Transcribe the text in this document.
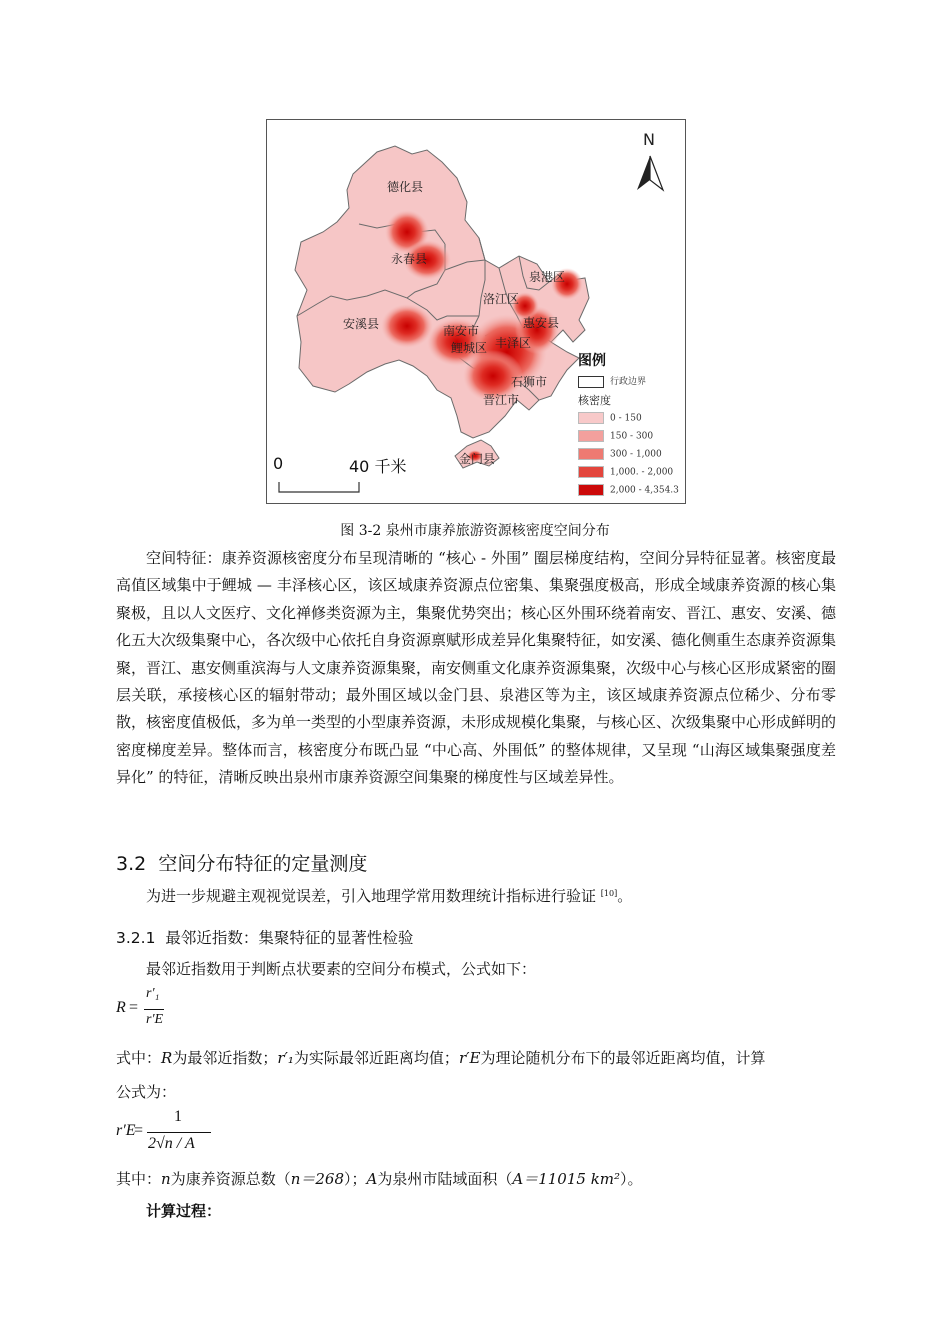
N
德化县
永春县
安溪县	南安市
鲤城区 丰泽区
洛江区
泉港区
惠安县
石狮市
晋江市
金门县
0	40 千米
图例
行政边界
核密度
0 - 150
150 - 300
300 - 1,000
1,000. - 2,000
2,000 - 4,354.3
图 3-2 泉州市康养旅游资源核密度空间分布
空间特征：康养资源核密度分布呈现清晰的 “核心 - 外围” 圈层梯度结构，空间分异特征显著。核密度最高值区域集中于鲤城 — 丰泽核心区，该区域康养资源点位密集、集聚强度极高，形成全域康养资源的核心集聚极，且以人文医疗、文化禅修类资源为主，集聚优势突出；核心区外围环绕着南安、晋江、惠安、安溪、德化五大次级集聚中心，各次级中心依托自身资源禀赋形成差异化集聚特征，如安溪、德化侧重生态康养资源集聚，晋江、惠安侧重滨海与人文康养资源集聚，南安侧重文化康养资源集聚，次级中心与核心区形成紧密的圈层关联，承接核心区的辐射带动；最外围区域以金门县、泉港区等为主，该区域康养资源点位稀少、分布零散，核密度值极低，多为单一类型的小型康养资源，未形成规模化集聚，与核心区、次级集聚中心形成鲜明的密度梯度差异。整体而言，核密度分布既凸显 “中心高、外围低” 的整体规律，又呈现 “山海区域集聚强度差异化” 的特征，清晰反映出泉州市康养资源空间集聚的梯度性与区域差异性。
3.2 空间分布特征的定量测度
为进一步规避主观视觉误差，引入地理学常用数理统计指标进行验证 [10]。
3.2.1 最邻近指数：集聚特征的显著性检验
最邻近指数用于判断点状要素的空间分布模式，公式如下：
R =
r′₁
r′E
式中：R为最邻近指数；r′₁为实际最邻近距离均值；r′E为理论随机分布下的最邻近距离均值，计算
公式为：
r′E
=
1
2√n / A
其中：n为康养资源总数（n＝268）；A为泉州市陆域面积（A＝11015 km²）。
计算过程：
